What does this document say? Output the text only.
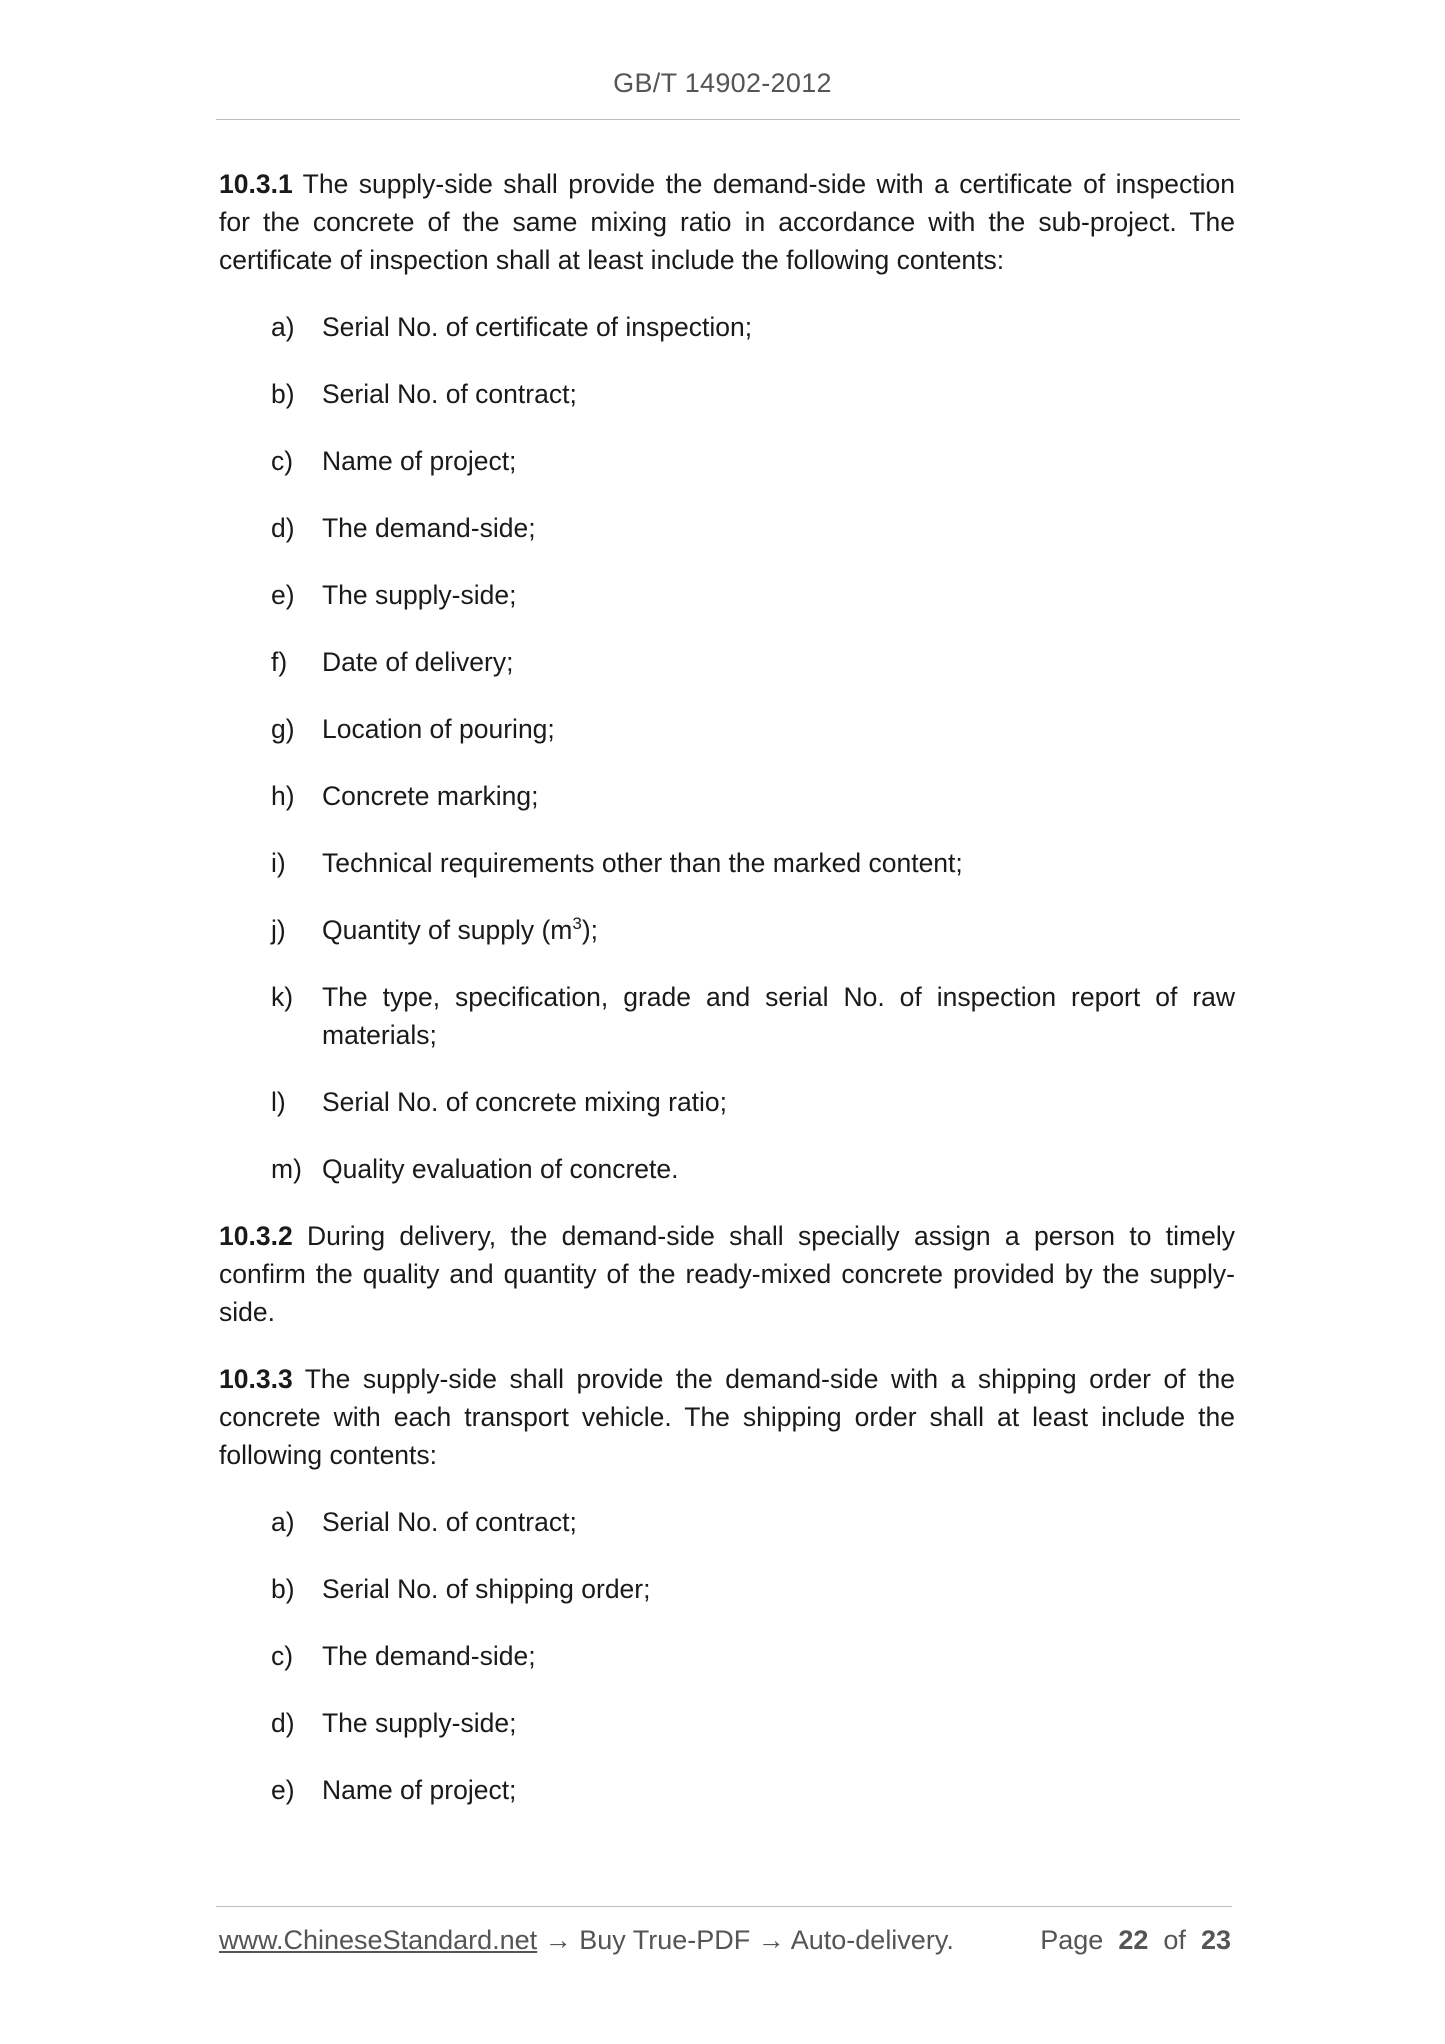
GB/T 14902-2012

10.3.1 The supply-side shall provide the demand-side with a certificate of inspection for the concrete of the same mixing ratio in accordance with the sub-project. The certificate of inspection shall at least include the following contents:

a)	Serial No. of certificate of inspection;
b)	Serial No. of contract;
c)	Name of project;
d)	The demand-side;
e)	The supply-side;
f)	Date of delivery;
g)	Location of pouring;
h)	Concrete marking;
i)	Technical requirements other than the marked content;
j)	Quantity of supply $(m^3)$;
k)	The type, specification, grade and serial No. of inspection report of raw materials;
l)	Serial No. of concrete mixing ratio;
m) Quality evaluation of concrete.

10.3.2 During delivery, the demand-side shall specially assign a person to timely confirm the quality and quantity of the ready-mixed concrete provided by the supply-side.

10.3.3 The supply-side shall provide the demand-side with a shipping order of the concrete with each transport vehicle. The shipping order shall at least include the following contents:

a)	Serial No. of contract;
b)	Serial No. of shipping order;
c)	The demand-side;
d)	The supply-side;
e)	Name of project;
www.ChineseStandard.net → Buy True-PDF → Auto-delivery.	Page 22 of 23
